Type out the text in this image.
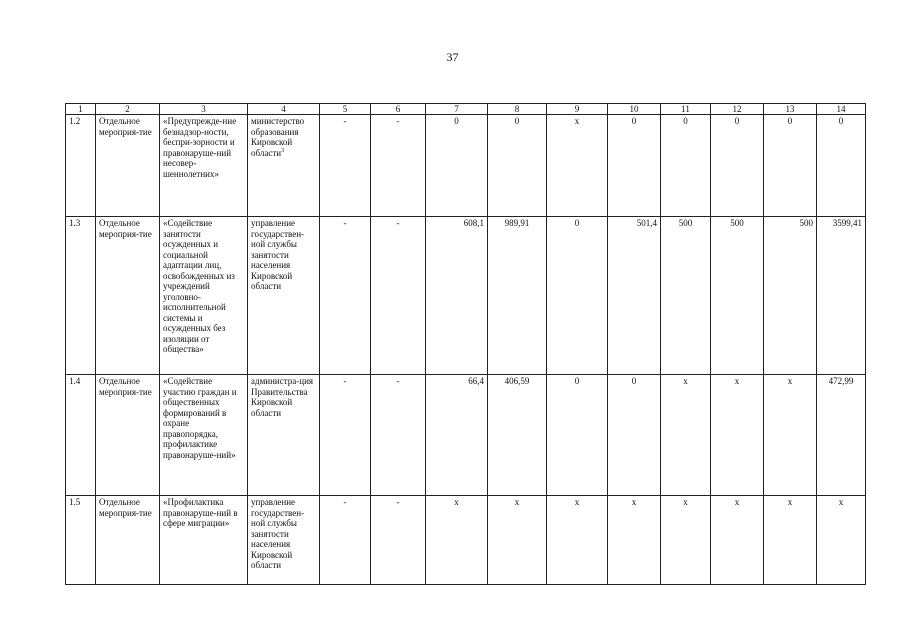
37
1	2	3	4	5	6	7	8	9	10	11	12	13	14
1.2	Отдельное мероприя-тие	«Предупрежде-ние безнадзор-ности, беспри-зорности и правонаруше-ний несовер-шеннолетних»	министерство образования Кировской области$^3$	-	-	0	0	х	0	0	0	0	0
1.3	Отдельное мероприя-тие	«Содействие занятости осужденных и социальной адаптации лиц, освобожденных из учреждений уголовно-исполнительной системы и осужденных без изоляции от общества»	управление государствен-ной службы занятости населения Кировской области	-	-	608,1	989,91	0	501,4	500	500	500	3599,41
1.4	Отдельное мероприя-тие	«Содействие участию граждан и общественных формирований в охране правопорядка, профилактике правонаруше-ний»	администра-ция Правительства Кировской области	-	-	66,4	406,59	0	0	х	х	х	472,99
1.5	Отдельное мероприя-тие	«Профилактика правонаруше-ний в сфере миграции»	управление государствен-ной службы занятости населения Кировской области	-	-	х	х	х	х	х	х	х	х
